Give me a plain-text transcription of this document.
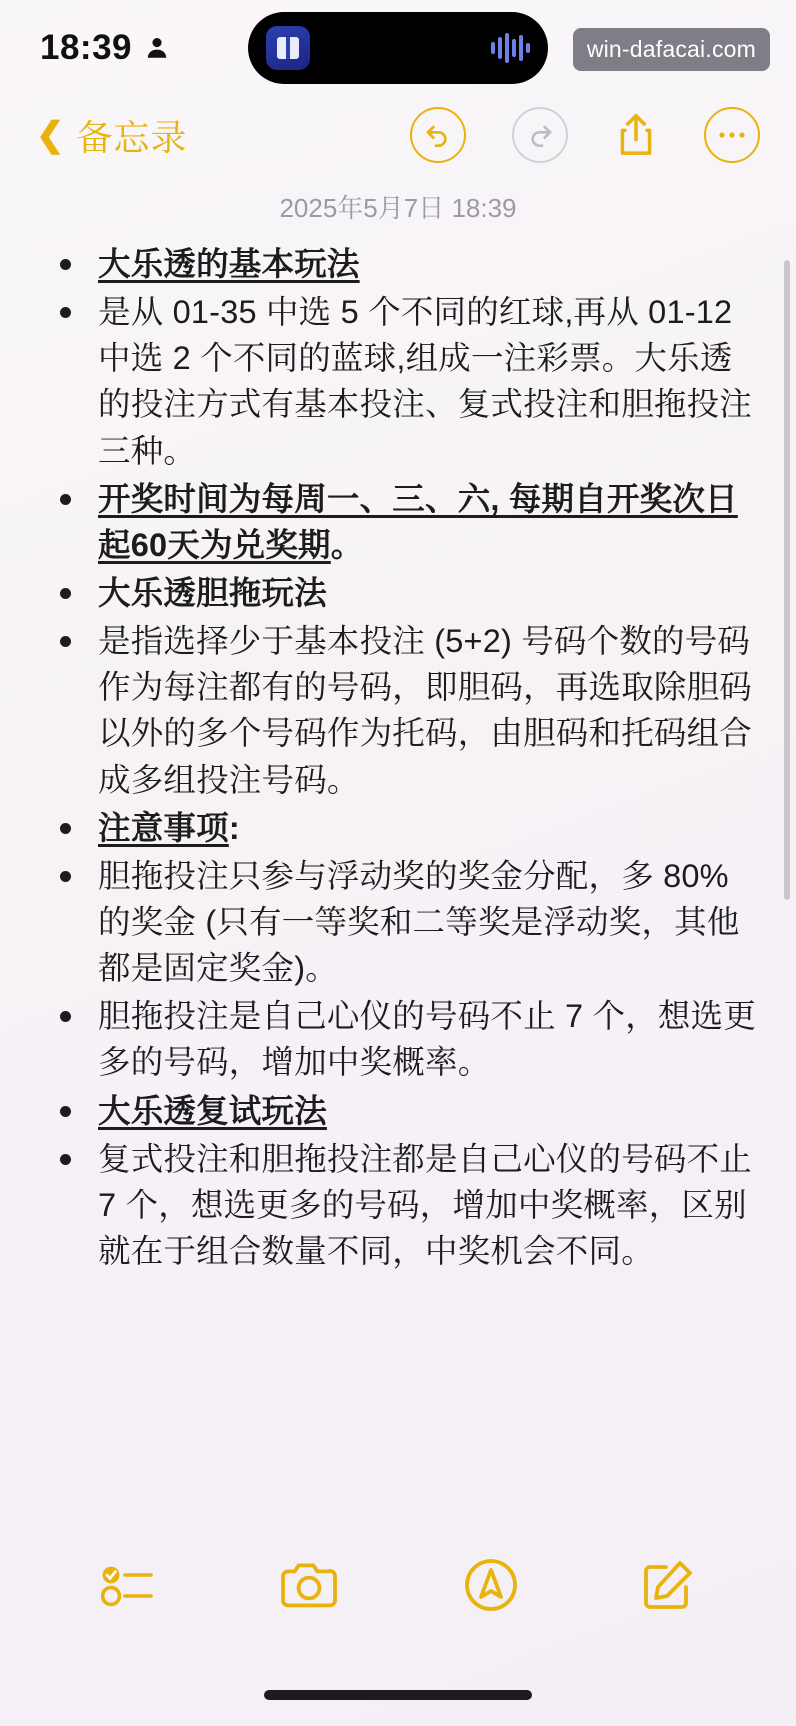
18:39	win-dafacai.com
❮ 备忘录
2025年5月7日 18:39
大乐透的基本玩法
是从 01-35 中选 5 个不同的红球,再从 01-12 中选 2 个不同的蓝球,组成一注彩票。大乐透的投注方式有基本投注、复式投注和胆拖投注三种。
开奖时间为每周一、三、六, 每期自开奖次日起60天为兑奖期。
大乐透胆拖玩法
是指选择少于基本投注 (5+2) 号码个数的号码作为每注都有的号码，即胆码，再选取除胆码以外的多个号码作为托码，由胆码和托码组合成多组投注号码。
注意事项:
胆拖投注只参与浮动奖的奖金分配，多 80% 的奖金 (只有一等奖和二等奖是浮动奖，其他都是固定奖金)。
胆拖投注是自己心仪的号码不止 7 个，想选更多的号码，增加中奖概率。
大乐透复试玩法
复式投注和胆拖投注都是自己心仪的号码不止 7 个，想选更多的号码，增加中奖概率，区别就在于组合数量不同，中奖机会不同。
